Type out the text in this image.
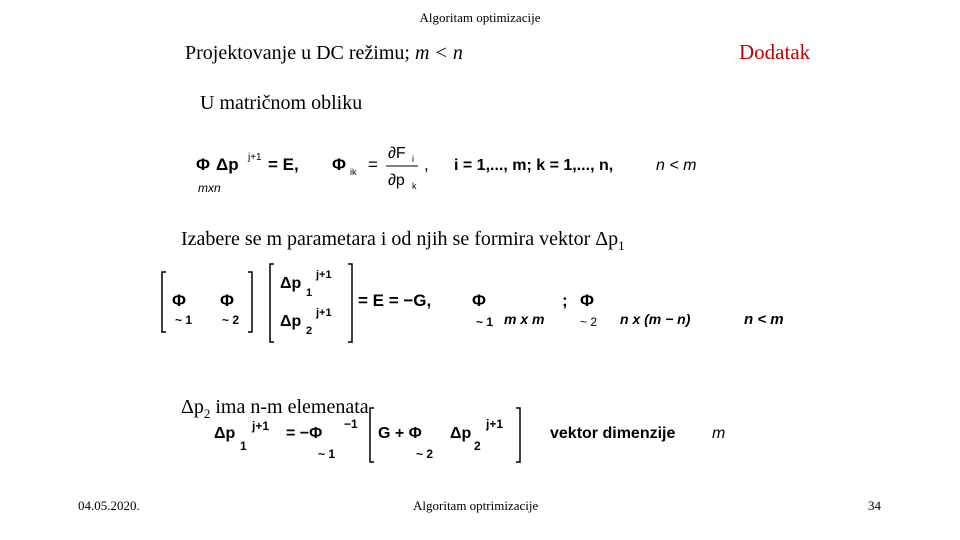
Algoritam optimizacije
Projektovanje u DC režimu; m < n	Dodatak
U matričnom obliku
Φ Δp j+1 = E, Φ ik =
∂F i
∂p k
, i = 1,..., m; k = 1,..., n,	n < m
mxn
Izabere se m parametara i od njih se formira vektor $\Delta p_1$
Φ
~ 1
Φ
~ 2
Δp
1
j+1
Δp
2
j+1
= E = −G, Φ
~ 1 m x m
; Φ
~ 2 n x (m − n)	n < m
$\Delta p_2$ ima n-m elemenata
Δp
1
j+1 = −Φ
−1
~ 1
G + Φ
~ 2
Δp
2
j+1
vektor dimenzije m
04.05.2020.	Algoritam optrimizacije	34
